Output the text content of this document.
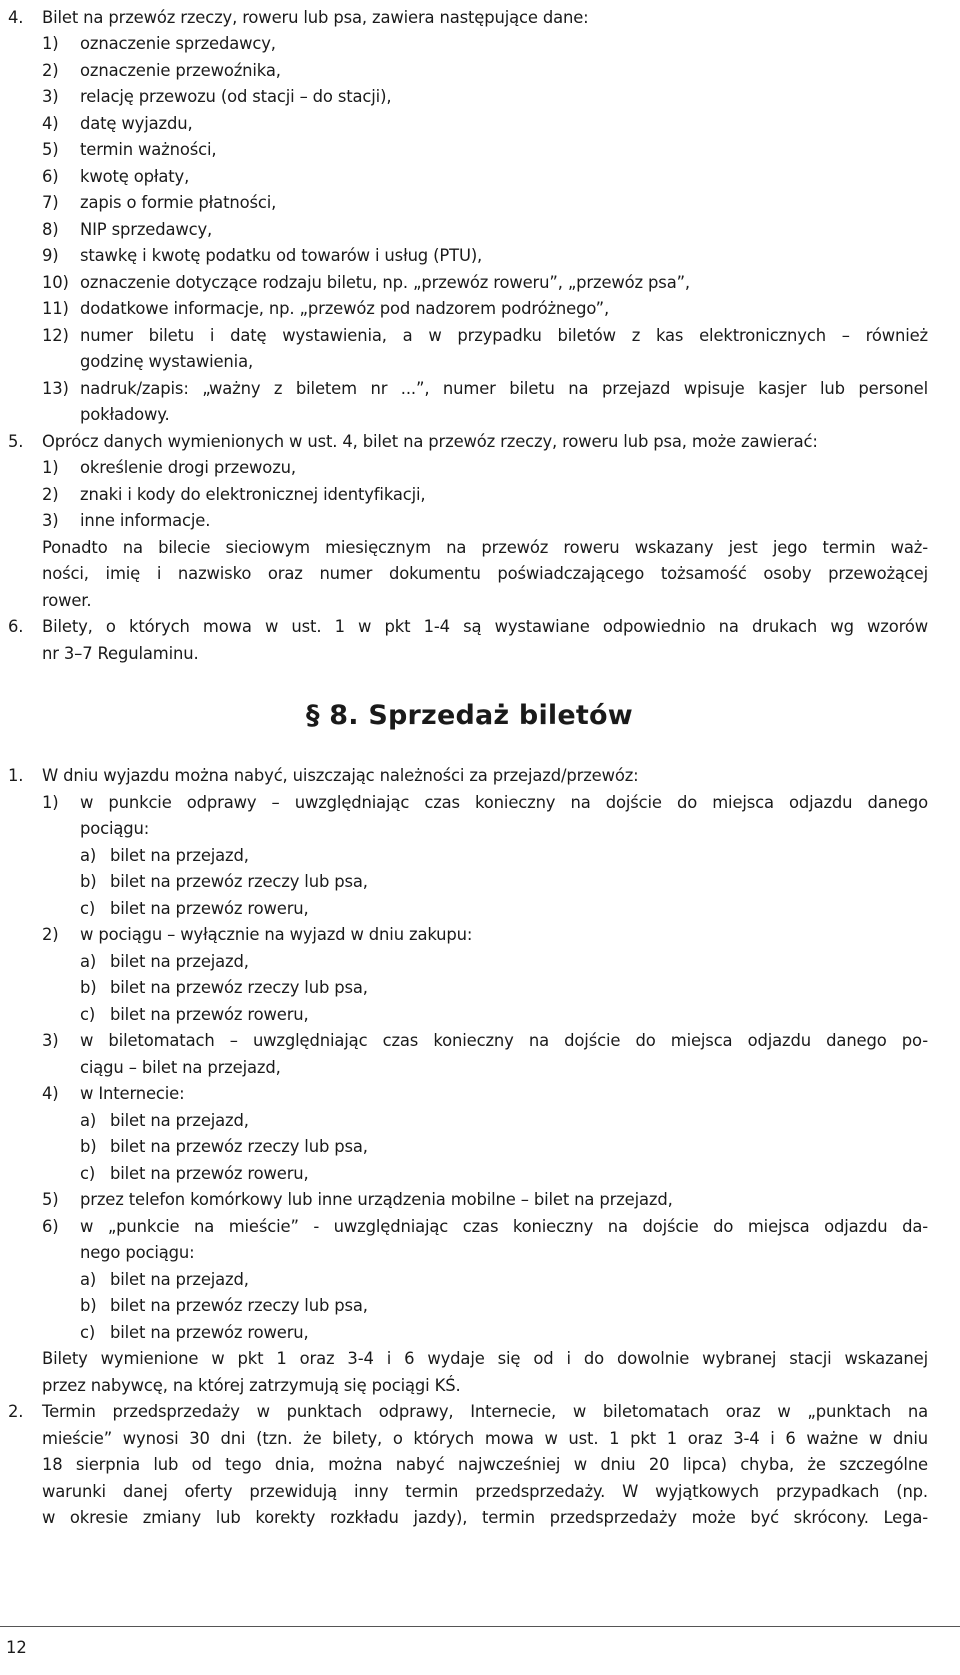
4. Bilet na przewóz rzeczy, roweru lub psa, zawiera następujące dane:
1) oznaczenie sprzedawcy,
2) oznaczenie przewoźnika,
3) relację przewozu (od stacji – do stacji),
4) datę wyjazdu,
5) termin ważności,
6) kwotę opłaty,
7) zapis o formie płatności,
8) NIP sprzedawcy,
9) stawkę i kwotę podatku od towarów i usług (PTU),
10) oznaczenie dotyczące rodzaju biletu, np. „przewóz roweru”, „przewóz psa”,
11) dodatkowe informacje, np. „przewóz pod nadzorem podróżnego”,
12) numer biletu i datę wystawienia, a w przypadku biletów z kas elektronicznych – również
godzinę wystawienia,
13) nadruk/zapis: „ważny z biletem nr ...”, numer biletu na przejazd wpisuje kasjer lub personel
pokładowy.
5. Oprócz danych wymienionych w ust. 4, bilet na przewóz rzeczy, roweru lub psa, może zawierać:
1) określenie drogi przewozu,
2) znaki i kody do elektronicznej identyfikacji,
3) inne informacje.
Ponadto na bilecie sieciowym miesięcznym na przewóz roweru wskazany jest jego termin waż-
ności, imię i nazwisko oraz numer dokumentu poświadczającego tożsamość osoby przewożącej
rower.
6. Bilety, o których mowa w ust. 1 w pkt 1-4 są wystawiane odpowiednio na drukach wg wzorów
nr 3–7 Regulaminu.
1. W dniu wyjazdu można nabyć, uiszczając należności za przejazd/przewóz:
1) w punkcie odprawy – uwzględniając czas konieczny na dojście do miejsca odjazdu danego
pociągu:
a) bilet na przejazd,
b) bilet na przewóz rzeczy lub psa,
c) bilet na przewóz roweru,
2) w pociągu – wyłącznie na wyjazd w dniu zakupu:
a) bilet na przejazd,
b) bilet na przewóz rzeczy lub psa,
c) bilet na przewóz roweru,
3) w biletomatach – uwzględniając czas konieczny na dojście do miejsca odjazdu danego po-
ciągu – bilet na przejazd,
4) w Internecie:
a) bilet na przejazd,
b) bilet na przewóz rzeczy lub psa,
c) bilet na przewóz roweru,
5) przez telefon komórkowy lub inne urządzenia mobilne – bilet na przejazd,
6) w „punkcie na mieście” - uwzględniając czas konieczny na dojście do miejsca odjazdu da-
nego pociągu:
a) bilet na przejazd,
b) bilet na przewóz rzeczy lub psa,
c) bilet na przewóz roweru,
Bilety wymienione w pkt 1 oraz 3-4 i 6 wydaje się od i do dowolnie wybranej stacji wskazanej
przez nabywcę, na której zatrzymują się pociągi KŚ.
2. Termin przedsprzedaży w punktach odprawy, Internecie, w biletomatach oraz w „punktach na
mieście” wynosi 30 dni (tzn. że bilety, o których mowa w ust. 1 pkt 1 oraz 3-4 i 6 ważne w dniu
18 sierpnia lub od tego dnia, można nabyć najwcześniej w dniu 20 lipca) chyba, że szczególne
warunki danej oferty przewidują inny termin przedsprzedaży. W wyjątkowych przypadkach (np.
w okresie zmiany lub korekty rozkładu jazdy), termin przedsprzedaży może być skrócony. Lega-
§ 8. Sprzedaż biletów
12
